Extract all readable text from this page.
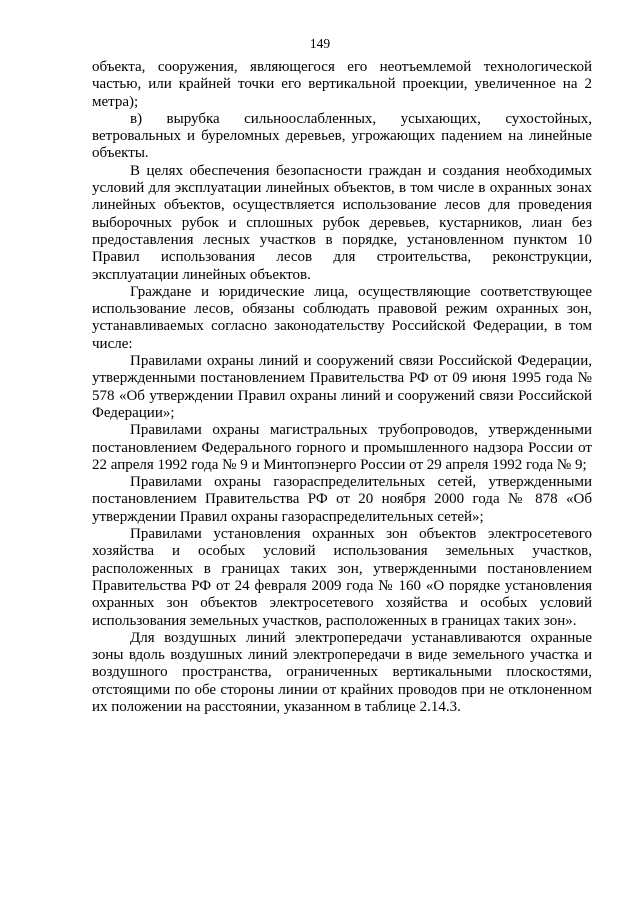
149

объекта, сооружения, являющегося его неотъемлемой технологической частью, или крайней точки его вертикальной проекции, увеличенное на 2 метра);

в) вырубка сильноослабленных, усыхающих, сухостойных, ветровальных и буреломных деревьев, угрожающих падением на линейные объекты.

В целях обеспечения безопасности граждан и создания необходимых условий для эксплуатации линейных объектов, в том числе в охранных зонах линейных объектов, осуществляется использование лесов для проведения выборочных рубок и сплошных рубок деревьев, кустарников, лиан без предоставления лесных участков в порядке, установленном пунктом 10 Правил использования лесов для строительства, реконструкции, эксплуатации линейных объектов.

Граждане и юридические лица, осуществляющие соответствующее использование лесов, обязаны соблюдать правовой режим охранных зон, устанавливаемых согласно законодательству Российской Федерации, в том числе:

Правилами охраны линий и сооружений связи Российской Федерации, утвержденными постановлением Правительства РФ от 09 июня 1995 года № 578 «Об утверждении Правил охраны линий и сооружений связи Российской Федерации»;

Правилами охраны магистральных трубопроводов, утвержденными постановлением Федерального горного и промышленного надзора России от 22 апреля 1992 года № 9 и Минтопэнерго России от 29 апреля 1992 года № 9;

Правилами охраны газораспределительных сетей, утвержденными постановлением Правительства РФ от 20 ноября 2000 года № 878 «Об утверждении Правил охраны газораспределительных сетей»;

Правилами установления охранных зон объектов электросетевого хозяйства и особых условий использования земельных участков, расположенных в границах таких зон, утвержденными постановлением Правительства РФ от 24 февраля 2009 года № 160 «О порядке установления охранных зон объектов электросетевого хозяйства и особых условий использования земельных участков, расположенных в границах таких зон».

Для воздушных линий электропередачи устанавливаются охранные зоны вдоль воздушных линий электропередачи в виде земельного участка и воздушного пространства, ограниченных вертикальными плоскостями, отстоящими по обе стороны линии от крайних проводов при не отклоненном их положении на расстоянии, указанном в таблице 2.14.3.
